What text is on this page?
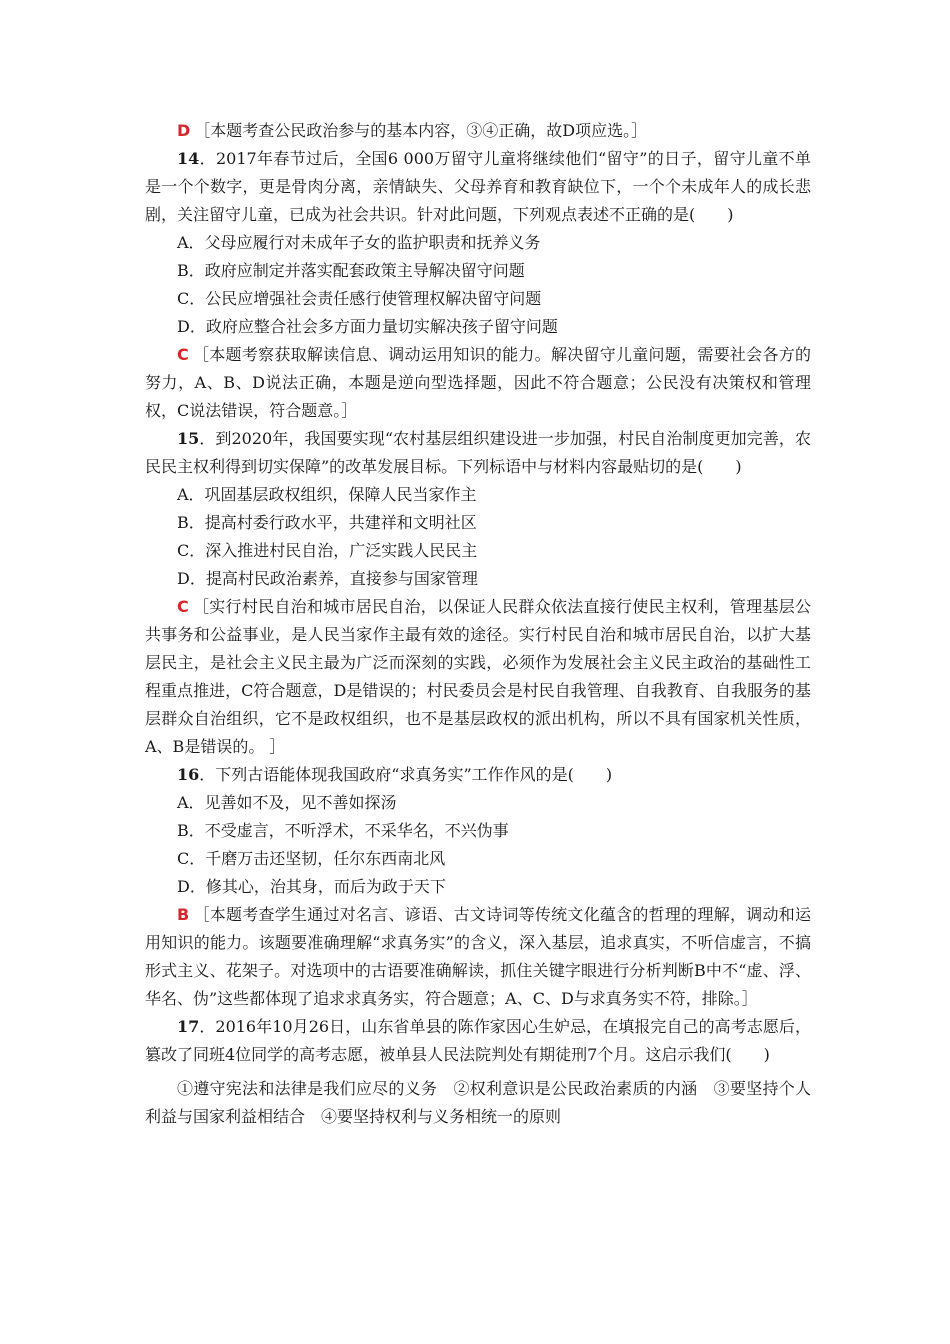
D ［本题考查公民政治参与的基本内容，③④正确，故D项应选。］

14．2017年春节过后，全国6 000万留守儿童将继续他们“留守”的日子，留守儿童不单是一个个数字，更是骨肉分离，亲情缺失、父母养育和教育缺位下，一个个未成年人的成长悲剧，关注留守儿童，已成为社会共识。针对此问题，下列观点表述不正确的是(　　)

A．父母应履行对未成年子女的监护职责和抚养义务

B．政府应制定并落实配套政策主导解决留守问题

C．公民应增强社会责任感行使管理权解决留守问题

D．政府应整合社会多方面力量切实解决孩子留守问题

C ［本题考察获取解读信息、调动运用知识的能力。解决留守儿童问题，需要社会各方的努力，A、B、D说法正确，本题是逆向型选择题，因此不符合题意；公民没有决策权和管理权，C说法错误，符合题意。］

15．到2020年，我国要实现“农村基层组织建设进一步加强，村民自治制度更加完善，农民民主权利得到切实保障”的改革发展目标。下列标语中与材料内容最贴切的是(　　)

A．巩固基层政权组织，保障人民当家作主

B．提高村委行政水平，共建祥和文明社区

C．深入推进村民自治，广泛实践人民民主

D．提高村民政治素养，直接参与国家管理

C ［实行村民自治和城市居民自治，以保证人民群众依法直接行使民主权利，管理基层公共事务和公益事业，是人民当家作主最有效的途径。实行村民自治和城市居民自治，以扩大基层民主，是社会主义民主最为广泛而深刻的实践，必须作为发展社会主义民主政治的基础性工程重点推进，C符合题意，D是错误的；村民委员会是村民自我管理、自我教育、自我服务的基层群众自治组织，它不是政权组织，也不是基层政权的派出机构，所以不具有国家机关性质，A、B是错误的。 ］

16．下列古语能体现我国政府“求真务实”工作作风的是(　　)

A．见善如不及，见不善如探汤

B．不受虚言，不听浮术，不采华名，不兴伪事

C．千磨万击还坚韧，任尔东西南北风

D．修其心，治其身，而后为政于天下

B ［本题考查学生通过对名言、谚语、古文诗词等传统文化蕴含的哲理的理解，调动和运用知识的能力。该题要准确理解“求真务实”的含义，深入基层，追求真实，不听信虚言，不搞形式主义、花架子。对选项中的古语要准确解读，抓住关键字眼进行分析判断B中不“虚、浮、华名、伪”这些都体现了追求求真务实，符合题意；A、C、D与求真务实不符，排除。］

17．2016年10月26日，山东省单县的陈作家因心生妒忌，在填报完自己的高考志愿后，篡改了同班4位同学的高考志愿，被单县人民法院判处有期徒刑7个月。这启示我们(　　)

①遵守宪法和法律是我们应尽的义务　②权利意识是公民政治素质的内涵　③要坚持个人利益与国家利益相结合　④要坚持权利与义务相统一的原则
